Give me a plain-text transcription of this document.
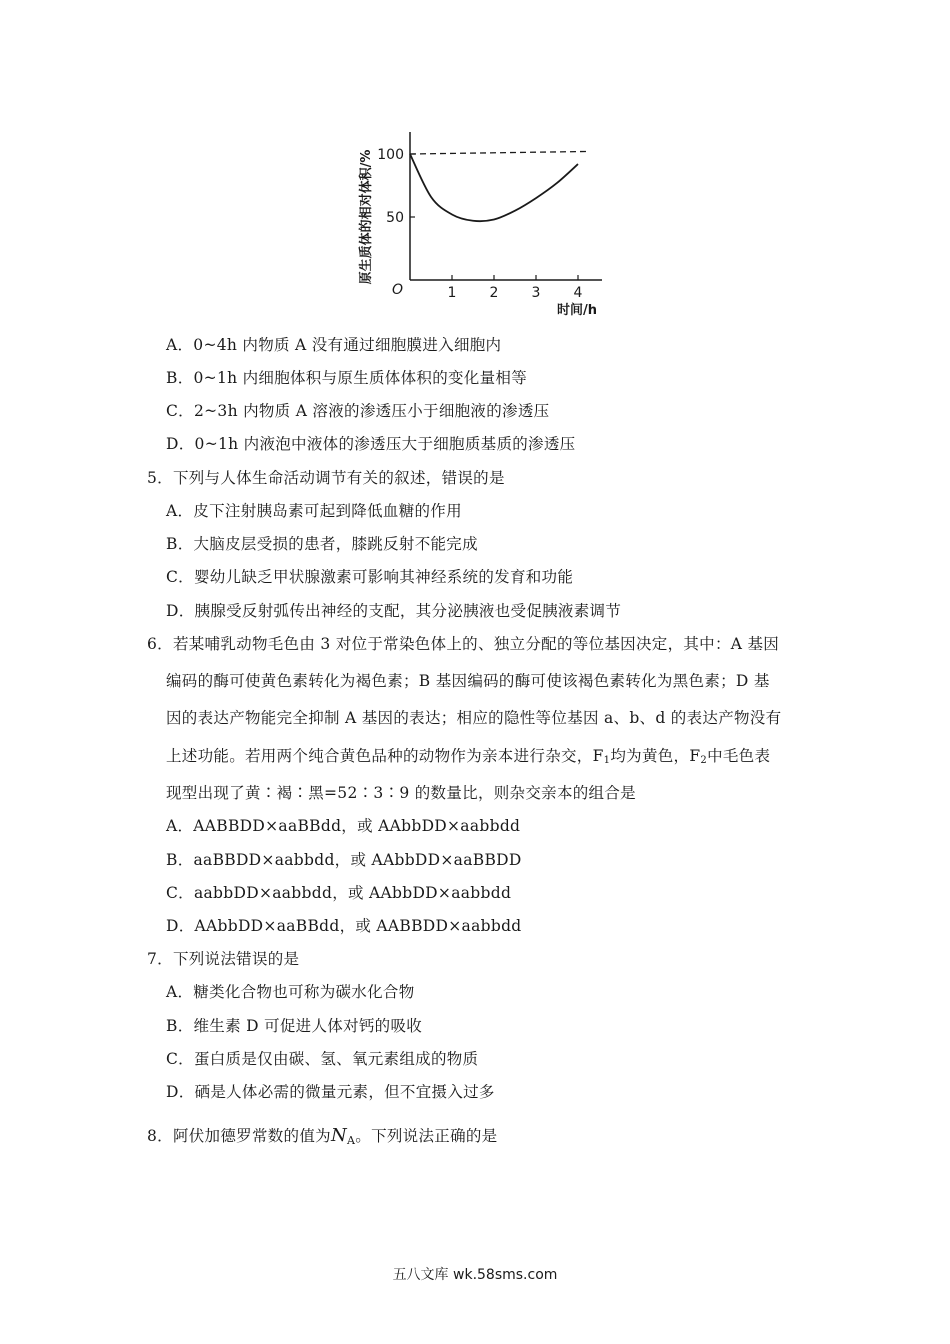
原生质体的相对体积/% 100
50
1 2 3 4
O
时间/h
A．0~4h 内物质 A 没有通过细胞膜进入细胞内
B．0~1h 内细胞体积与原生质体体积的变化量相等
C．2~3h 内物质 A 溶液的渗透压小于细胞液的渗透压
D．0~1h 内液泡中液体的渗透压大于细胞质基质的渗透压
5．下列与人体生命活动调节有关的叙述，错误的是
A．皮下注射胰岛素可起到降低血糖的作用
B．大脑皮层受损的患者，膝跳反射不能完成
C．婴幼儿缺乏甲状腺激素可影响其神经系统的发育和功能
D．胰腺受反射弧传出神经的支配，其分泌胰液也受促胰液素调节
6．若某哺乳动物毛色由 3 对位于常染色体上的、独立分配的等位基因决定，其中：A 基因
编码的酶可使黄色素转化为褐色素；B 基因编码的酶可使该褐色素转化为黑色素；D 基
因的表达产物能完全抑制 A 基因的表达；相应的隐性等位基因 a、b、d 的表达产物没有
上述功能。若用两个纯合黄色品种的动物作为亲本进行杂交，$F_1$均为黄色，$F_2$中毛色表
现型出现了黄∶褐∶黑=52∶3∶9 的数量比，则杂交亲本的组合是
A．AABBDD×aaBBdd，或 AAbbDD×aabbdd
B．aaBBDD×aabbdd，或 AAbbDD×aaBBDD
C．aabbDD×aabbdd，或 AAbbDD×aabbdd
D．AAbbDD×aaBBdd，或 AABBDD×aabbdd
7．下列说法错误的是
A．糖类化合物也可称为碳水化合物
B．维生素 D 可促进人体对钙的吸收
C．蛋白质是仅由碳、氢、氧元素组成的物质
D．硒是人体必需的微量元素，但不宜摄入过多
8．阿伏加德罗常数的值为NA。下列说法正确的是
五八文库 wk.58sms.com
